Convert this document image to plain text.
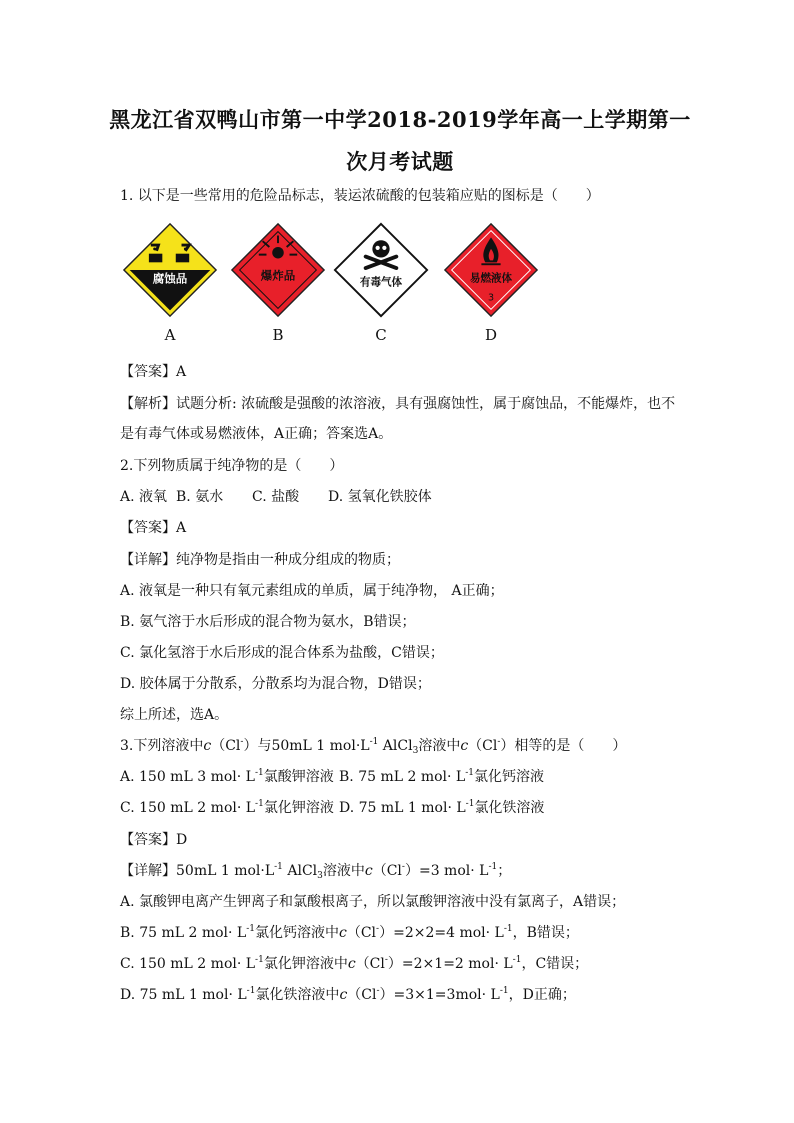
黑龙江省双鸭山市第一中学2018-2019学年高一上学期第一
次月考试题
1. 以下是一些常用的危险品标志，装运浓硫酸的包装箱应贴的图标是（　　）
腐蚀品
A
爆炸品
B
有毒气体
C
易燃液体
3
D
【答案】A
【解析】试题分析: 浓硫酸是强酸的浓溶液，具有强腐蚀性，属于腐蚀品，不能爆炸，也不
是有毒气体或易燃液体，A正确；答案选A。
2.下列物质属于纯净物的是（　　）
A. 液氧 B. 氨水 C. 盐酸 D. 氢氧化铁胶体
【答案】A
【详解】纯净物是指由一种成分组成的物质；
A. 液氧是一种只有氧元素组成的单质，属于纯净物， A正确；
B. 氨气溶于水后形成的混合物为氨水，B错误；
C. 氯化氢溶于水后形成的混合体系为盐酸，C错误；
D. 胶体属于分散系，分散系均为混合物，D错误；
综上所述，选A。
3.下列溶液中c（Cl-）与50mL 1 $mol\cdot L^{-1}$ AlCl$_3$溶液中c（Cl-）相等的是（　　）
A. 150 mL 3 $mol\cdot L^{-1}$氯酸钾溶液 B. 75 mL 2 $mol\cdot L^{-1}$氯化钙溶液
C. 150 mL 2 $mol\cdot L^{-1}$氯化钾溶液 D. 75 mL 1 $mol\cdot L^{-1}$氯化铁溶液
【答案】D
【详解】50mL 1 $mol\cdot L^{-1}$ AlCl$_3$溶液中c（Cl-）=3 $mol\cdot L^{-1}$；
A. 氯酸钾电离产生钾离子和氯酸根离子，所以氯酸钾溶液中没有氯离子，A错误；
B. 75 mL 2 $mol\cdot L^{-1}$氯化钙溶液中c（Cl-）=2×2=4 $mol\cdot L^{-1}$，B错误；
C. 150 mL 2 $mol\cdot L^{-1}$氯化钾溶液中c（Cl-）=2×1=2 $mol\cdot L^{-1}$，C错误；
D. 75 mL 1 $mol\cdot L^{-1}$氯化铁溶液中$c(Cl^-)=3\times 1=3mol\cdot L^{-1}$，D正确；
